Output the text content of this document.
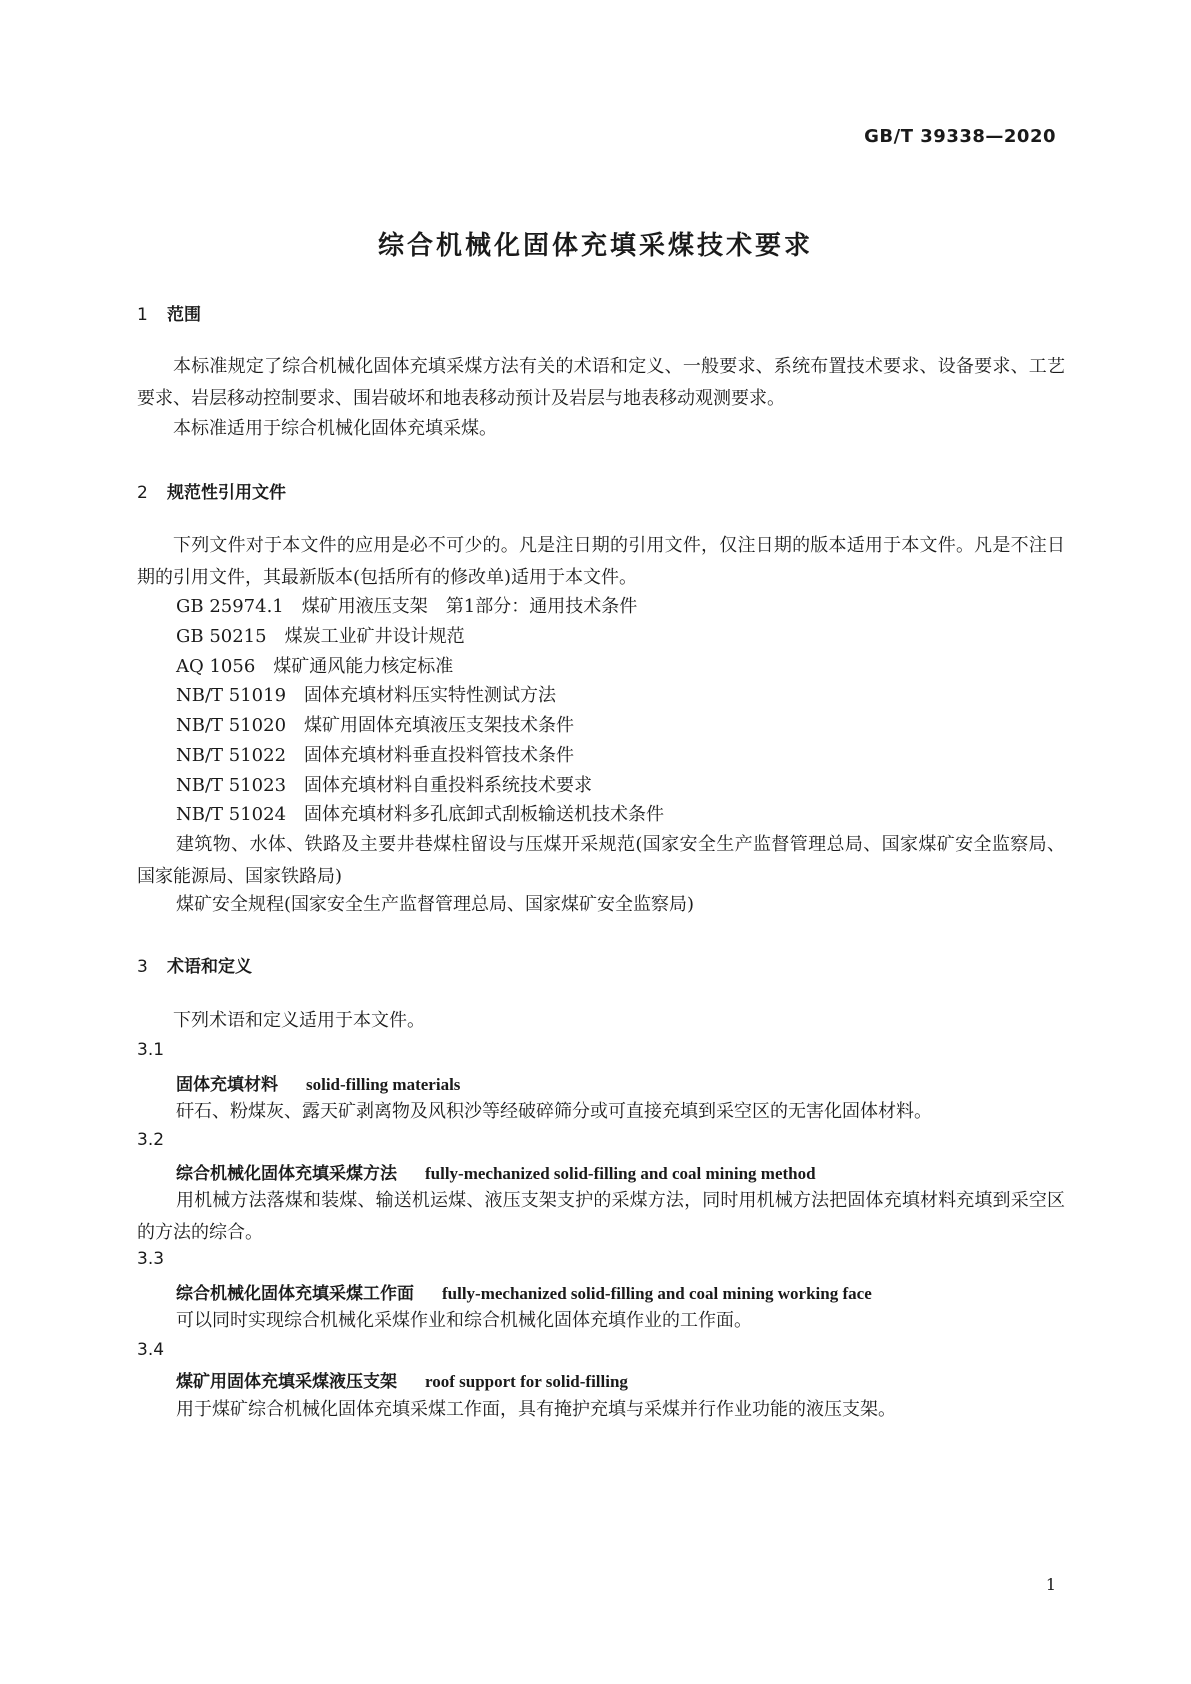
GB/T 39338—2020
综合机械化固体充填采煤技术要求
1 范围
本标准规定了综合机械化固体充填采煤方法有关的术语和定义、一般要求、系统布置技术要求、设备要求、工艺要求、岩层移动控制要求、围岩破坏和地表移动预计及岩层与地表移动观测要求。
本标准适用于综合机械化固体充填采煤。
2 规范性引用文件
下列文件对于本文件的应用是必不可少的。凡是注日期的引用文件，仅注日期的版本适用于本文件。凡是不注日期的引用文件，其最新版本(包括所有的修改单)适用于本文件。
GB 25974.1 煤矿用液压支架　第1部分：通用技术条件
GB 50215 煤炭工业矿井设计规范
AQ 1056 煤矿通风能力核定标准
NB/T 51019 固体充填材料压实特性测试方法
NB/T 51020 煤矿用固体充填液压支架技术条件
NB/T 51022 固体充填材料垂直投料管技术条件
NB/T 51023 固体充填材料自重投料系统技术要求
NB/T 51024 固体充填材料多孔底卸式刮板输送机技术条件
建筑物、水体、铁路及主要井巷煤柱留设与压煤开采规范(国家安全生产监督管理总局、国家煤矿安全监察局、国家能源局、国家铁路局)
煤矿安全规程(国家安全生产监督管理总局、国家煤矿安全监察局)
3 术语和定义
下列术语和定义适用于本文件。
3.1
固体充填材料 solid-filling materials
矸石、粉煤灰、露天矿剥离物及风积沙等经破碎筛分或可直接充填到采空区的无害化固体材料。
3.2
综合机械化固体充填采煤方法 fully-mechanized solid-filling and coal mining method
用机械方法落煤和装煤、输送机运煤、液压支架支护的采煤方法，同时用机械方法把固体充填材料充填到采空区的方法的综合。
3.3
综合机械化固体充填采煤工作面 fully-mechanized solid-filling and coal mining working face
可以同时实现综合机械化采煤作业和综合机械化固体充填作业的工作面。
3.4
煤矿用固体充填采煤液压支架 roof support for solid-filling
用于煤矿综合机械化固体充填采煤工作面，具有掩护充填与采煤并行作业功能的液压支架。
1
